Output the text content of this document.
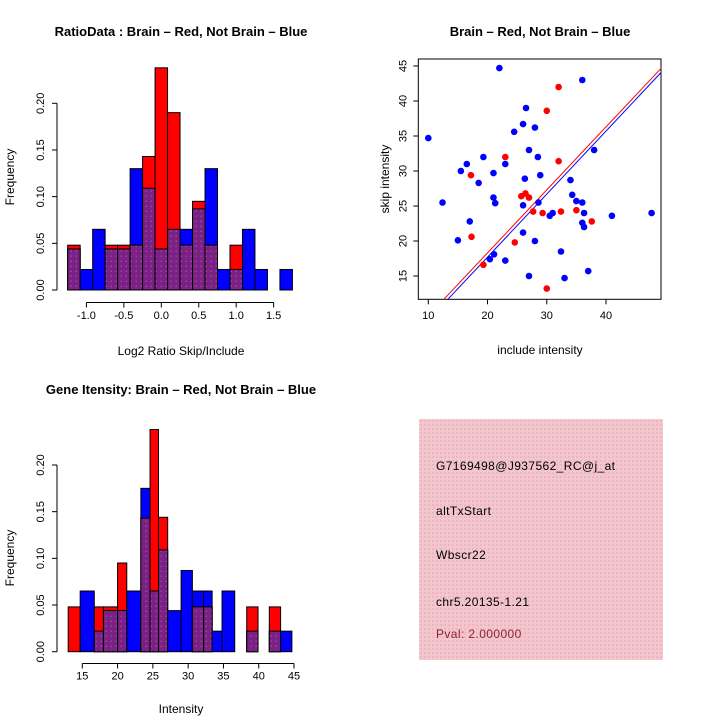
0.00
0.05
0.10
0.15
0.20
-1.0 -0.5 0.0 0.5 1.0 1.5
RatioData : Brain – Red, Not Brain – Blue
Log2 Ratio Skip/Include
Frequency
10	20	30	40
15
20
25
30
35
40
45
Brain – Red, Not Brain – Blue
include intensity
skip intensity
0.00
0.05
0.10
0.15
0.20
15 20 25 30 35 40 45
Gene Itensity: Brain – Red, Not Brain – Blue
Intensity
Frequency
G7169498@J937562_RC@j_at
altTxStart
Wbscr22
chr5.20135-1.21
Pval: 2.000000
